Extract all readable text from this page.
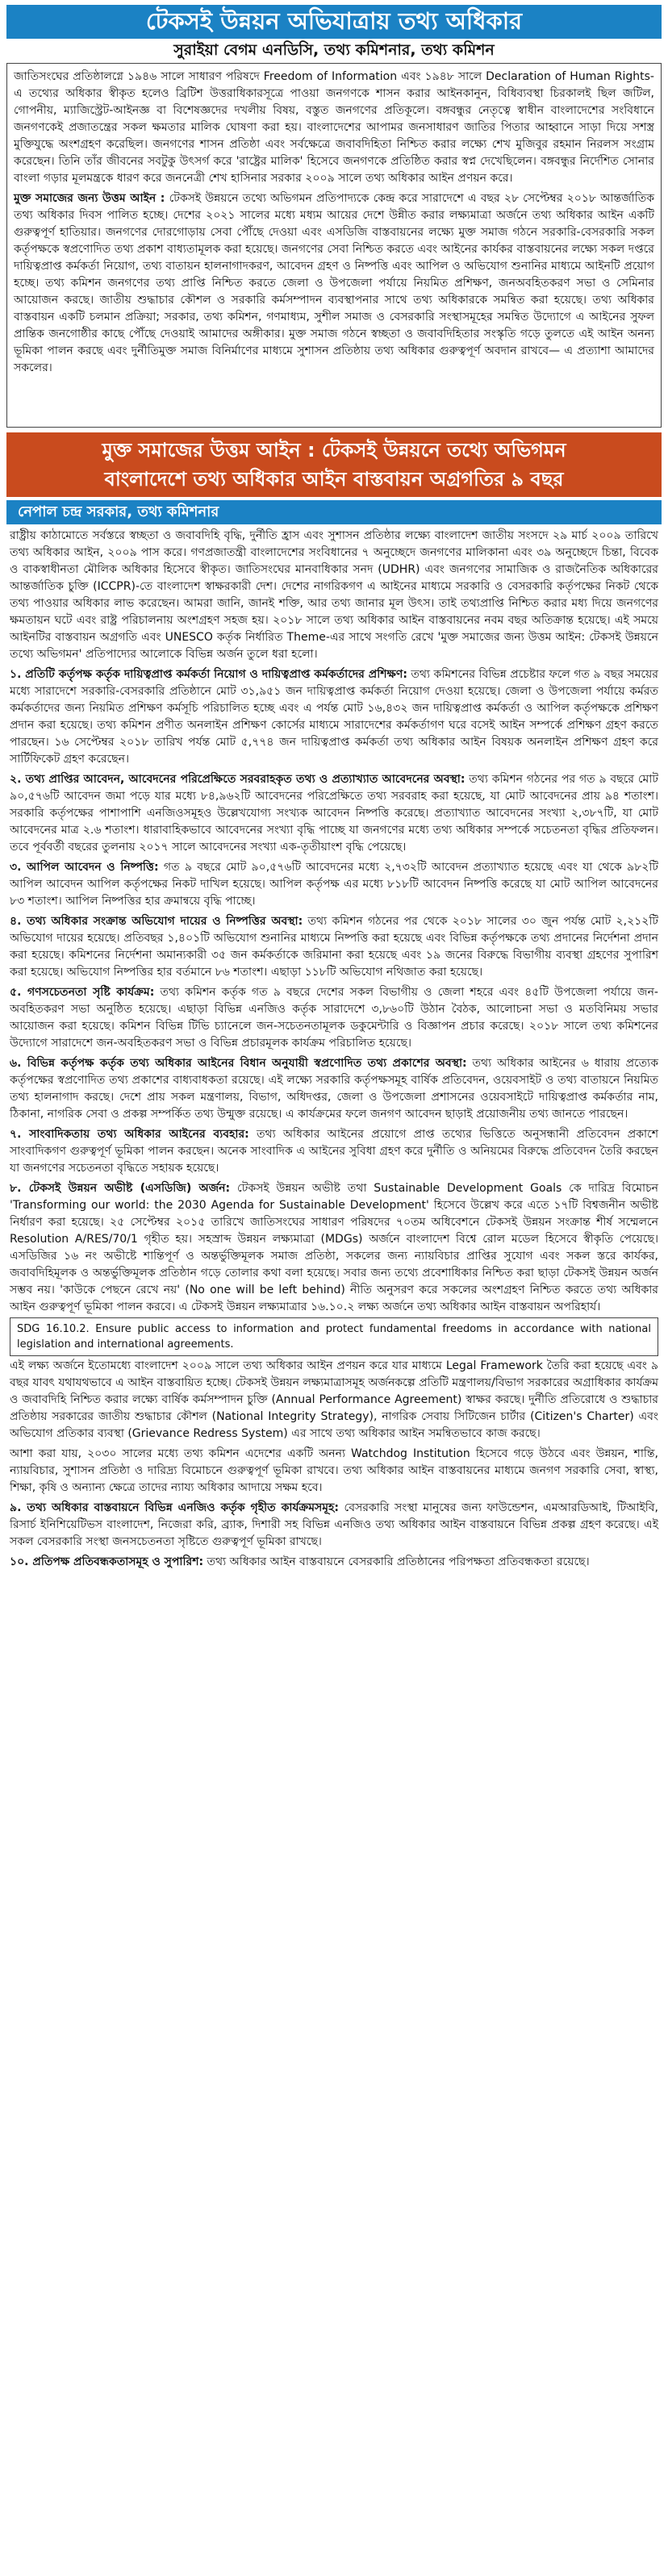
টেকসই উন্নয়ন অভিযাত্রায় তথ্য অধিকার
সুরাইয়া বেগম এনডিসি, তথ্য কমিশনার, তথ্য কমিশন

জাতিসংঘের প্রতিষ্ঠালগ্নে ১৯৪৬ সালে সাধারণ পরিষদে Freedom of Information এবং ১৯৪৮ সালে Declaration of Human Rights-এ তথ্যের অধিকার স্বীকৃত হলেও ব্রিটিশ উত্তরাধিকারসূত্রে পাওয়া জনগণকে শাসন করার আইনকানুন, বিধিব্যবস্থা চিরকালই ছিল জটিল, গোপনীয়, ম্যাজিস্ট্রেট-আইনজ্ঞ বা বিশেষজ্ঞদের দখলীয় বিষয়, বস্তুত জনগণের প্রতিকূলে। বঙ্গবন্ধুর নেতৃত্বে স্বাধীন বাংলাদেশের সংবিধানে জনগণকেই প্রজাতন্ত্রের সকল ক্ষমতার মালিক ঘোষণা করা হয়। বাংলাদেশের আপামর জনসাধারণ জাতির পিতার আহ্বানে সাড়া দিয়ে সশস্ত্র মুক্তিযুদ্ধে অংশগ্রহণ করেছিল। জনগণের শাসন প্রতিষ্ঠা এবং সর্বক্ষেত্রে জবাবদিহিতা নিশ্চিত করার লক্ষ্যে শেখ মুজিবুর রহমান নিরলস সংগ্রাম করেছেন। তিনি তাঁর জীবনের সবটুকু উৎসর্গ করে 'রাষ্ট্রের মালিক' হিসেবে জনগণকে প্রতিষ্ঠিত করার স্বপ্ন দেখেছিলেন। বঙ্গবন্ধুর নির্দেশিত সোনার বাংলা গড়ার মূলমন্ত্রকে ধারণ করে জননেত্রী শেখ হাসিনার সরকার ২০০৯ সালে তথ্য অধিকার আইন প্রণয়ন করে।

মুক্ত সমাজের জন্য উত্তম আইন : টেকসই উন্নয়নে তথ্যে অভিগমন প্রতিপাদ্যকে কেন্দ্র করে সারাদেশে এ বছর ২৮ সেপ্টেম্বর ২০১৮ আন্তর্জাতিক তথ্য অধিকার দিবস পালিত হচ্ছে। দেশের ২০২১ সালের মধ্যে মধ্যম আয়ের দেশে উন্নীত করার লক্ষ্যমাত্রা অর্জনে তথ্য অধিকার আইন একটি গুরুত্বপূর্ণ হাতিয়ার। জনগণের দোরগোড়ায় সেবা পৌঁছে দেওয়া এবং এসডিজি বাস্তবায়নের লক্ষ্যে মুক্ত সমাজ গঠনে সরকারি-বেসরকারি সকল কর্তৃপক্ষকে স্বপ্রণোদিত তথ্য প্রকাশ বাধ্যতামূলক করা হয়েছে। জনগণের সেবা নিশ্চিত করতে এবং আইনের কার্যকর বাস্তবায়নের লক্ষ্যে সকল দপ্তরে দায়িত্বপ্রাপ্ত কর্মকর্তা নিয়োগ, তথ্য বাতায়ন হালনাগাদকরণ, আবেদন গ্রহণ ও নিষ্পত্তি এবং আপিল ও অভিযোগ শুনানির মাধ্যমে আইনটি প্রয়োগ হচ্ছে। তথ্য কমিশন জনগণের তথ্য প্রাপ্তি নিশ্চিত করতে জেলা ও উপজেলা পর্যায়ে নিয়মিত প্রশিক্ষণ, জনঅবহিতকরণ সভা ও সেমিনার আয়োজন করছে। জাতীয় শুদ্ধাচার কৌশল ও সরকারি কর্মসম্পাদন ব্যবস্থাপনার সাথে তথ্য অধিকারকে সমন্বিত করা হয়েছে। তথ্য অধিকার বাস্তবায়ন একটি চলমান প্রক্রিয়া; সরকার, তথ্য কমিশন, গণমাধ্যম, সুশীল সমাজ ও বেসরকারি সংস্থাসমূহের সমন্বিত উদ্যোগে এ আইনের সুফল প্রান্তিক জনগোষ্ঠীর কাছে পৌঁছে দেওয়াই আমাদের অঙ্গীকার। মুক্ত সমাজ গঠনে স্বচ্ছতা ও জবাবদিহিতার সংস্কৃতি গড়ে তুলতে এই আইন অনন্য ভূমিকা পালন করছে এবং দুর্নীতিমুক্ত সমাজ বিনির্মাণের মাধ্যমে সুশাসন প্রতিষ্ঠায় তথ্য অধিকার গুরুত্বপূর্ণ অবদান রাখবে— এ প্রত্যাশা আমাদের সকলের।

মুক্ত সমাজের উত্তম আইন : টেকসই উন্নয়নে তথ্যে অভিগমন
বাংলাদেশে তথ্য অধিকার আইন বাস্তবায়ন অগ্রগতির ৯ বছর
নেপাল চন্দ্র সরকার, তথ্য কমিশনার

রাষ্ট্রীয় কাঠামোতে সর্বস্তরে স্বচ্ছতা ও জবাবদিহি বৃদ্ধি, দুর্নীতি হ্রাস এবং সুশাসন প্রতিষ্ঠার লক্ষ্যে বাংলাদেশ জাতীয় সংসদে ২৯ মার্চ ২০০৯ তারিখে তথ্য অধিকার আইন, ২০০৯ পাস করে। গণপ্রজাতন্ত্রী বাংলাদেশের সংবিধানের ৭ অনুচ্ছেদে জনগণের মালিকানা এবং ৩৯ অনুচ্ছেদে চিন্তা, বিবেক ও বাকস্বাধীনতা মৌলিক অধিকার হিসেবে স্বীকৃত। জাতিসংঘের মানবাধিকার সনদ (UDHR) এবং জনগণের সামাজিক ও রাজনৈতিক অধিকারের আন্তর্জাতিক চুক্তি (ICCPR)-তে বাংলাদেশ স্বাক্ষরকারী দেশ। দেশের নাগরিকগণ এ আইনের মাধ্যমে সরকারি ও বেসরকারি কর্তৃপক্ষের নিকট থেকে তথ্য পাওয়ার অধিকার লাভ করেছেন। আমরা জানি, জানই শক্তি, আর তথ্য জানার মূল উৎস। তাই তথ্যপ্রাপ্তি নিশ্চিত করার মধ্য দিয়ে জনগণের ক্ষমতায়ন ঘটে এবং রাষ্ট্র পরিচালনায় অংশগ্রহণ সহজ হয়। ২০১৮ সালে তথ্য অধিকার আইন বাস্তবায়নের নবম বছর অতিক্রান্ত হয়েছে। এই সময়ে আইনটির বাস্তবায়ন অগ্রগতি এবং UNESCO কর্তৃক নির্ধারিত Theme-এর সাথে সংগতি রেখে 'মুক্ত সমাজের জন্য উত্তম আইন: টেকসই উন্নয়নে তথ্যে অভিগমন' প্রতিপাদ্যের আলোকে বিভিন্ন অর্জন তুলে ধরা হলো।

১. প্রতিটি কর্তৃপক্ষ কর্তৃক দায়িত্বপ্রাপ্ত কর্মকর্তা নিয়োগ ও দায়িত্বপ্রাপ্ত কর্মকর্তাদের প্রশিক্ষণ: তথ্য কমিশনের বিভিন্ন প্রচেষ্টার ফলে গত ৯ বছর সময়ের মধ্যে সারাদেশে সরকারি-বেসরকারি প্রতিষ্ঠানে মোট ৩১,৯৫১ জন দায়িত্বপ্রাপ্ত কর্মকর্তা নিয়োগ দেওয়া হয়েছে। জেলা ও উপজেলা পর্যায়ে কর্মরত কর্মকর্তাদের জন্য নিয়মিত প্রশিক্ষণ কর্মসূচি পরিচালিত হচ্ছে এবং এ পর্যন্ত মোট ১৬,৪৩২ জন দায়িত্বপ্রাপ্ত কর্মকর্তা ও আপিল কর্তৃপক্ষকে প্রশিক্ষণ প্রদান করা হয়েছে। তথ্য কমিশন প্রণীত অনলাইন প্রশিক্ষণ কোর্সের মাধ্যমে সারাদেশের কর্মকর্তাগণ ঘরে বসেই আইন সম্পর্কে প্রশিক্ষণ গ্রহণ করতে পারছেন। ১৬ সেপ্টেম্বর ২০১৮ তারিখ পর্যন্ত মোট ৫,৭৭৪ জন দায়িত্বপ্রাপ্ত কর্মকর্তা তথ্য অধিকার আইন বিষয়ক অনলাইন প্রশিক্ষণ গ্রহণ করে সার্টিফিকেট গ্রহণ করেছেন।

২. তথ্য প্রাপ্তির আবেদন, আবেদনের পরিপ্রেক্ষিতে সরবরাহকৃত তথ্য ও প্রত্যাখ্যাত আবেদনের অবস্থা: তথ্য কমিশন গঠনের পর গত ৯ বছরে মোট ৯০,৫৭৬টি আবেদন জমা পড়ে যার মধ্যে ৮৪,৯৬২টি আবেদনের পরিপ্রেক্ষিতে তথ্য সরবরাহ করা হয়েছে, যা মোট আবেদনের প্রায় ৯৪ শতাংশ। সরকারি কর্তৃপক্ষের পাশাপাশি এনজিওসমূহও উল্লেখযোগ্য সংখ্যক আবেদন নিষ্পত্তি করেছে। প্রত্যাখ্যাত আবেদনের সংখ্যা ২,৩৮৭টি, যা মোট আবেদনের মাত্র ২.৬ শতাংশ। ধারাবাহিকভাবে আবেদনের সংখ্যা বৃদ্ধি পাচ্ছে যা জনগণের মধ্যে তথ্য অধিকার সম্পর্কে সচেতনতা বৃদ্ধির প্রতিফলন। তবে পূর্ববর্তী বছরের তুলনায় ২০১৭ সালে আবেদনের সংখ্যা এক-তৃতীয়াংশ বৃদ্ধি পেয়েছে।

৩. আপিল আবেদন ও নিষ্পত্তি: গত ৯ বছরে মোট ৯০,৫৭৬টি আবেদনের মধ্যে ২,৭৩২টি আবেদন প্রত্যাখ্যাত হয়েছে এবং যা থেকে ৯৮২টি আপিল আবেদন আপিল কর্তৃপক্ষের নিকট দাখিল হয়েছে। আপিল কর্তৃপক্ষ এর মধ্যে ৮১৮টি আবেদন নিষ্পত্তি করেছে যা মোট আপিল আবেদনের ৮৩ শতাংশ। আপিল নিষ্পত্তির হার ক্রমান্বয়ে বৃদ্ধি পাচ্ছে।

৪. তথ্য অধিকার সংক্রান্ত অভিযোগ দায়ের ও নিষ্পত্তির অবস্থা: তথ্য কমিশন গঠনের পর থেকে ২০১৮ সালের ৩০ জুন পর্যন্ত মোট ২,২১২টি অভিযোগ দায়ের হয়েছে। প্রতিবছর ১,৪০১টি অভিযোগ শুনানির মাধ্যমে নিষ্পত্তি করা হয়েছে এবং বিভিন্ন কর্তৃপক্ষকে তথ্য প্রদানের নির্দেশনা প্রদান করা হয়েছে। কমিশনের নির্দেশনা অমান্যকারী ৩৫ জন কর্মকর্তাকে জরিমানা করা হয়েছে এবং ১৯ জনের বিরুদ্ধে বিভাগীয় ব্যবস্থা গ্রহণের সুপারিশ করা হয়েছে। অভিযোগ নিষ্পত্তির হার বর্তমানে ৮৬ শতাংশ। এছাড়া ১১৮টি অভিযোগ নথিজাত করা হয়েছে।

৫. গণসচেতনতা সৃষ্টি কার্যক্রম: তথ্য কমিশন কর্তৃক গত ৯ বছরে দেশের সকল বিভাগীয় ও জেলা শহরে এবং ৪৫টি উপজেলা পর্যায়ে জন-অবহিতকরণ সভা অনুষ্ঠিত হয়েছে। এছাড়া বিভিন্ন এনজিও কর্তৃক সারাদেশে ৩,৮৬০টি উঠান বৈঠক, আলোচনা সভা ও মতবিনিময় সভার আয়োজন করা হয়েছে। কমিশন বিভিন্ন টিভি চ্যানেলে জন-সচেতনতামূলক ডকুমেন্টারি ও বিজ্ঞাপন প্রচার করেছে। ২০১৮ সালে তথ্য কমিশনের উদ্যোগে সারাদেশে জন-অবহিতকরণ সভা ও বিভিন্ন প্রচারমূলক কার্যক্রম পরিচালিত হয়েছে।

৬. বিভিন্ন কর্তৃপক্ষ কর্তৃক তথ্য অধিকার আইনের বিধান অনুযায়ী স্বপ্রণোদিত তথ্য প্রকাশের অবস্থা: তথ্য অধিকার আইনের ৬ ধারায় প্রত্যেক কর্তৃপক্ষের স্বপ্রণোদিত তথ্য প্রকাশের বাধ্যবাধকতা রয়েছে। এই লক্ষ্যে সরকারি কর্তৃপক্ষসমূহ বার্ষিক প্রতিবেদন, ওয়েবসাইট ও তথ্য বাতায়নে নিয়মিত তথ্য হালনাগাদ করছে। দেশে প্রায় সকল মন্ত্রণালয়, বিভাগ, অধিদপ্তর, জেলা ও উপজেলা প্রশাসনের ওয়েবসাইটে দায়িত্বপ্রাপ্ত কর্মকর্তার নাম, ঠিকানা, নাগরিক সেবা ও প্রকল্প সম্পর্কিত তথ্য উন্মুক্ত রয়েছে। এ কার্যক্রমের ফলে জনগণ আবেদন ছাড়াই প্রয়োজনীয় তথ্য জানতে পারছেন।

৭. সাংবাদিকতায় তথ্য অধিকার আইনের ব্যবহার: তথ্য অধিকার আইনের প্রয়োগে প্রাপ্ত তথ্যের ভিত্তিতে অনুসন্ধানী প্রতিবেদন প্রকাশে সাংবাদিকগণ গুরুত্বপূর্ণ ভূমিকা পালন করছেন। অনেক সাংবাদিক এ আইনের সুবিধা গ্রহণ করে দুর্নীতি ও অনিয়মের বিরুদ্ধে প্রতিবেদন তৈরি করছেন যা জনগণের সচেতনতা বৃদ্ধিতে সহায়ক হয়েছে।

৮. টেকসই উন্নয়ন অভীষ্ট (এসডিজি) অর্জন: টেকসই উন্নয়ন অভীষ্ট তথা Sustainable Development Goals কে দারিদ্র বিমোচন 'Transforming our world: the 2030 Agenda for Sustainable Development' হিসেবে উল্লেখ করে এতে ১৭টি বিশ্বজনীন অভীষ্ট নির্ধারণ করা হয়েছে। ২৫ সেপ্টেম্বর ২০১৫ তারিখে জাতিসংঘের সাধারণ পরিষদের ৭০তম অধিবেশনে টেকসই উন্নয়ন সংক্রান্ত শীর্ষ সম্মেলনে Resolution A/RES/70/1 গৃহীত হয়। সহস্রাব্দ উন্নয়ন লক্ষ্যমাত্রা (MDGs) অর্জনে বাংলাদেশ বিশ্বে রোল মডেল হিসেবে স্বীকৃতি পেয়েছে। এসডিজির ১৬ নং অভীষ্টে শান্তিপূর্ণ ও অন্তর্ভুক্তিমূলক সমাজ প্রতিষ্ঠা, সকলের জন্য ন্যায়বিচার প্রাপ্তির সুযোগ এবং সকল স্তরে কার্যকর, জবাবদিহিমূলক ও অন্তর্ভুক্তিমূলক প্রতিষ্ঠান গড়ে তোলার কথা বলা হয়েছে। সবার জন্য তথ্যে প্রবেশাধিকার নিশ্চিত করা ছাড়া টেকসই উন্নয়ন অর্জন সম্ভব নয়। 'কাউকে পেছনে রেখে নয়' (No one will be left behind) নীতি অনুসরণ করে সকলের অংশগ্রহণ নিশ্চিত করতে তথ্য অধিকার আইন গুরুত্বপূর্ণ ভূমিকা পালন করবে। এ টেকসই উন্নয়ন লক্ষ্যমাত্রার ১৬.১০.২ লক্ষ্য অর্জনে তথ্য অধিকার আইন বাস্তবায়ন অপরিহার্য।

SDG 16.10.2. Ensure public access to information and protect fundamental freedoms in accordance with national legislation and international agreements.

এই লক্ষ্য অর্জনে ইতোমধ্যে বাংলাদেশ ২০০৯ সালে তথ্য অধিকার আইন প্রণয়ন করে যার মাধ্যমে Legal Framework তৈরি করা হয়েছে এবং ৯ বছর যাবৎ যথাযথভাবে এ আইন বাস্তবায়িত হচ্ছে। টেকসই উন্নয়ন লক্ষ্যমাত্রাসমূহ অর্জনকল্পে প্রতিটি মন্ত্রণালয়/বিভাগ সরকারের অগ্রাধিকার কার্যক্রম ও জবাবদিহি নিশ্চিত করার লক্ষ্যে বার্ষিক কর্মসম্পাদন চুক্তি (Annual Performance Agreement) স্বাক্ষর করছে। দুর্নীতি প্রতিরোধে ও শুদ্ধাচার প্রতিষ্ঠায় সরকারের জাতীয় শুদ্ধাচার কৌশল (National Integrity Strategy), নাগরিক সেবায় সিটিজেন চার্টার (Citizen's Charter) এবং অভিযোগ প্রতিকার ব্যবস্থা (Grievance Redress System) এর সাথে তথ্য অধিকার আইন সমন্বিতভাবে কাজ করছে।

আশা করা যায়, ২০৩০ সালের মধ্যে তথ্য কমিশন এদেশের একটি অনন্য Watchdog Institution হিসেবে গড়ে উঠবে এবং উন্নয়ন, শান্তি, ন্যায়বিচার, সুশাসন প্রতিষ্ঠা ও দারিদ্র্য বিমোচনে গুরুত্বপূর্ণ ভূমিকা রাখবে। তথ্য অধিকার আইন বাস্তবায়নের মাধ্যমে জনগণ সরকারি সেবা, স্বাস্থ্য, শিক্ষা, কৃষি ও অন্যান্য ক্ষেত্রে তাদের ন্যায্য অধিকার আদায়ে সক্ষম হবে।

৯. তথ্য অধিকার বাস্তবায়নে বিভিন্ন এনজিও কর্তৃক গৃহীত কার্যক্রমসমূহ: বেসরকারি সংস্থা মানুষের জন্য ফাউন্ডেশন, এমআরডিআই, টিআইবি, রিসার্চ ইনিশিয়েটিভস বাংলাদেশ, নিজেরা করি, ব্র্যাক, দিশারী সহ বিভিন্ন এনজিও তথ্য অধিকার আইন বাস্তবায়নে বিভিন্ন প্রকল্প গ্রহণ করেছে। এই সকল বেসরকারি সংস্থা জনসচেতনতা সৃষ্টিতে গুরুত্বপূর্ণ ভূমিকা রাখছে।

১০. প্রতিপক্ষ প্রতিবন্ধকতাসমূহ ও সুপারিশ: তথ্য অধিকার আইন বাস্তবায়নে বেসরকারি প্রতিষ্ঠানের পরিপক্ষতা প্রতিবন্ধকতা রয়েছে।
